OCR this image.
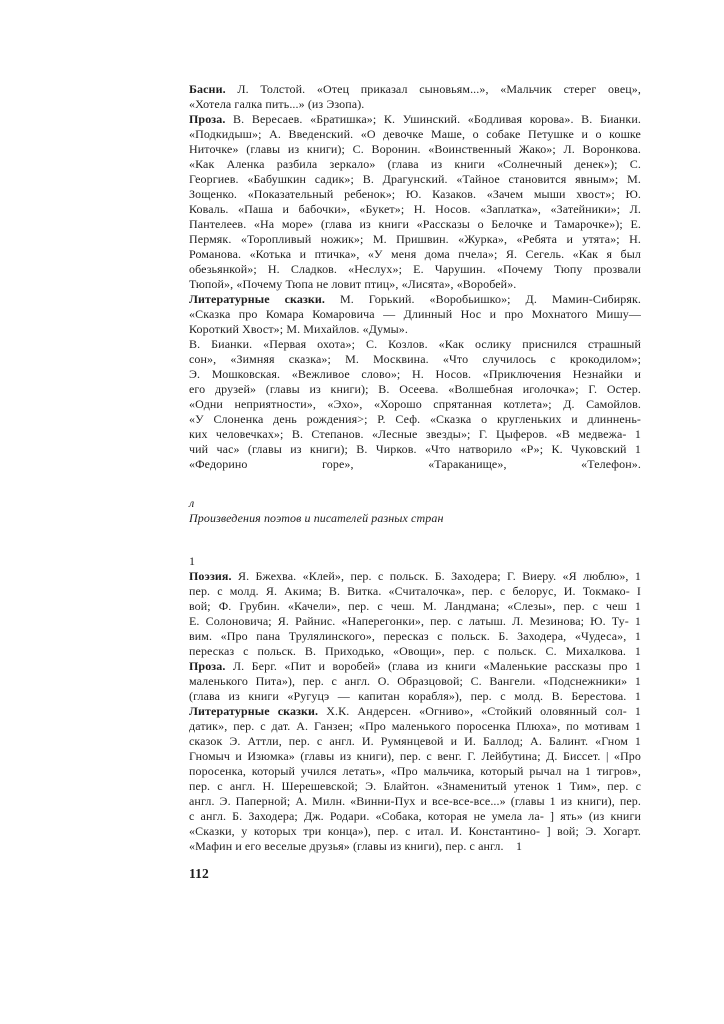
Басни. Л. Толстой. «Отец приказал сыновьям...», «Мальчик стерег овец»,
«Хотела галка пить...» (из Эзопа).
Проза. В. Вересаев. «Братишка»; К. Ушинский. «Бодливая корова». В. Бианки.
«Подкидыш»; А. Введенский. «О девочке Маше, о собаке Петушке и о кошке
Ниточке» (главы из книги); С. Воронин. «Воинственный Жако»; Л. Воронкова.
«Как Аленка разбила зеркало» (глава из книги «Солнечный денек»); С.
Георгиев. «Бабушкин садик»; В. Драгунский. «Тайное становится явным»; М.
Зощенко. «Показательный ребенок»; Ю. Казаков. «Зачем мыши хвост»; Ю.
Коваль. «Паша и бабочки», «Букет»; Н. Носов. «Заплатка», «Затейники»; Л.
Пантелеев. «На море» (глава из книги «Рассказы о Белочке и Тамарочке»); Е.
Пермяк. «Торопливый ножик»; М. Пришвин. «Журка», «Ребята и утята»; Н.
Романова. «Котька и птичка», «У меня дома пчела»; Я. Сегель. «Как я был
обезьянкой»; Н. Сладков. «Неслух»; Е. Чарушин. «Почему Тюпу прозвали
Тюпой», «Почему Тюпа не ловит птиц», «Лисята», «Воробей».
Литературные сказки. М. Горький. «Воробьишко»; Д. Мамин-Сибиряк.
«Сказка про Комара Комаровича — Длинный Нос и про Мохнатого Мишу—
Короткий Хвост»; М. Михайлов. «Думы».
В. Бианки. «Первая охота»; С. Козлов. «Как ослику приснился страшный
сон», «Зимняя сказка»; М. Москвина. «Что случилось с крокодилом»;
Э. Мошковская. «Вежливое слово»; Н. Носов. «Приключения Незнайки и
его друзей» (главы из книги); В. Осеева. «Волшебная иголочка»; Г. Остер.
«Одни неприятности», «Эхо», «Хорошо спрятанная котлета»; Д. Самойлов.
«У Слоненка день рождения>; Р. Сеф. «Сказка о кругленьких и длиннень-
ких человечках»; В. Степанов. «Лесные звезды»; Г. Цыферов. «В медвежа- 1
чий час» (главы из книги); В. Чирков. «Что натворило «Р»; К. Чуковский 1
«Федорино горе», «Тараканище», «Телефон».
л
Произведения поэтов и писателей разных стран
1
Поэзия. Я. Бжехва. «Клей», пер. с польск. Б. Заходера; Г. Виеру. «Я люблю», 1
пер. с молд. Я. Акима; В. Витка. «Считалочка», пер. с белорус, И. Токмако- I
вой; Ф. Грубин. «Качели», пер. с чеш. М. Ландмана; «Слезы», пер. с чеш 1
Е. Солоновича; Я. Райнис. «Наперегонки», пер. с латыш. Л. Мезинова; Ю. Ту- 1
вим. «Про пана Трулялинского», пересказ с польск. Б. Заходера, «Чудеса», 1
пересказ с польск. В. Приходько, «Овощи», пер. с польск. С. Михалкова. 1
Проза. Л. Берг. «Пит и воробей» (глава из книги «Маленькие рассказы про 1
маленького Пита»), пер. с англ. О. Образцовой; С. Вангели. «Подснежники» 1
(глава из книги «Ругуцэ — капитан корабля»), пер. с молд. В. Берестова. 1
Литературные сказки. Х.К. Андерсен. «Огниво», «Стойкий оловянный сол- 1
датик», пер. с дат. А. Ганзен; «Про маленького поросенка Плюха», по мотивам 1
сказок Э. Аттли, пер. с англ. И. Румянцевой и И. Баллод; А. Балинт. «Гном 1
Гномыч и Изюмка» (главы из книги), пер. с венг. Г. Лейбутина; Д. Биссет. | «Про
поросенка, который учился летать», «Про мальчика, который рычал на 1 тигров»,
пер. с англ. Н. Шерешевской; Э. Блайтон. «Знаменитый утенок 1 Тим», пер. с
англ. Э. Паперной; А. Милн. «Винни-Пух и все-все-все...» (главы 1 из книги), пер.
с англ. Б. Заходера; Дж. Родари. «Собака, которая не умела ла- ] ять» (из книги
«Сказки, у которых три конца»), пер. с итал. И. Константино- ] вой; Э. Хогарт.
«Мафин и его веселые друзья» (главы из книги), пер. с англ.    1
112
